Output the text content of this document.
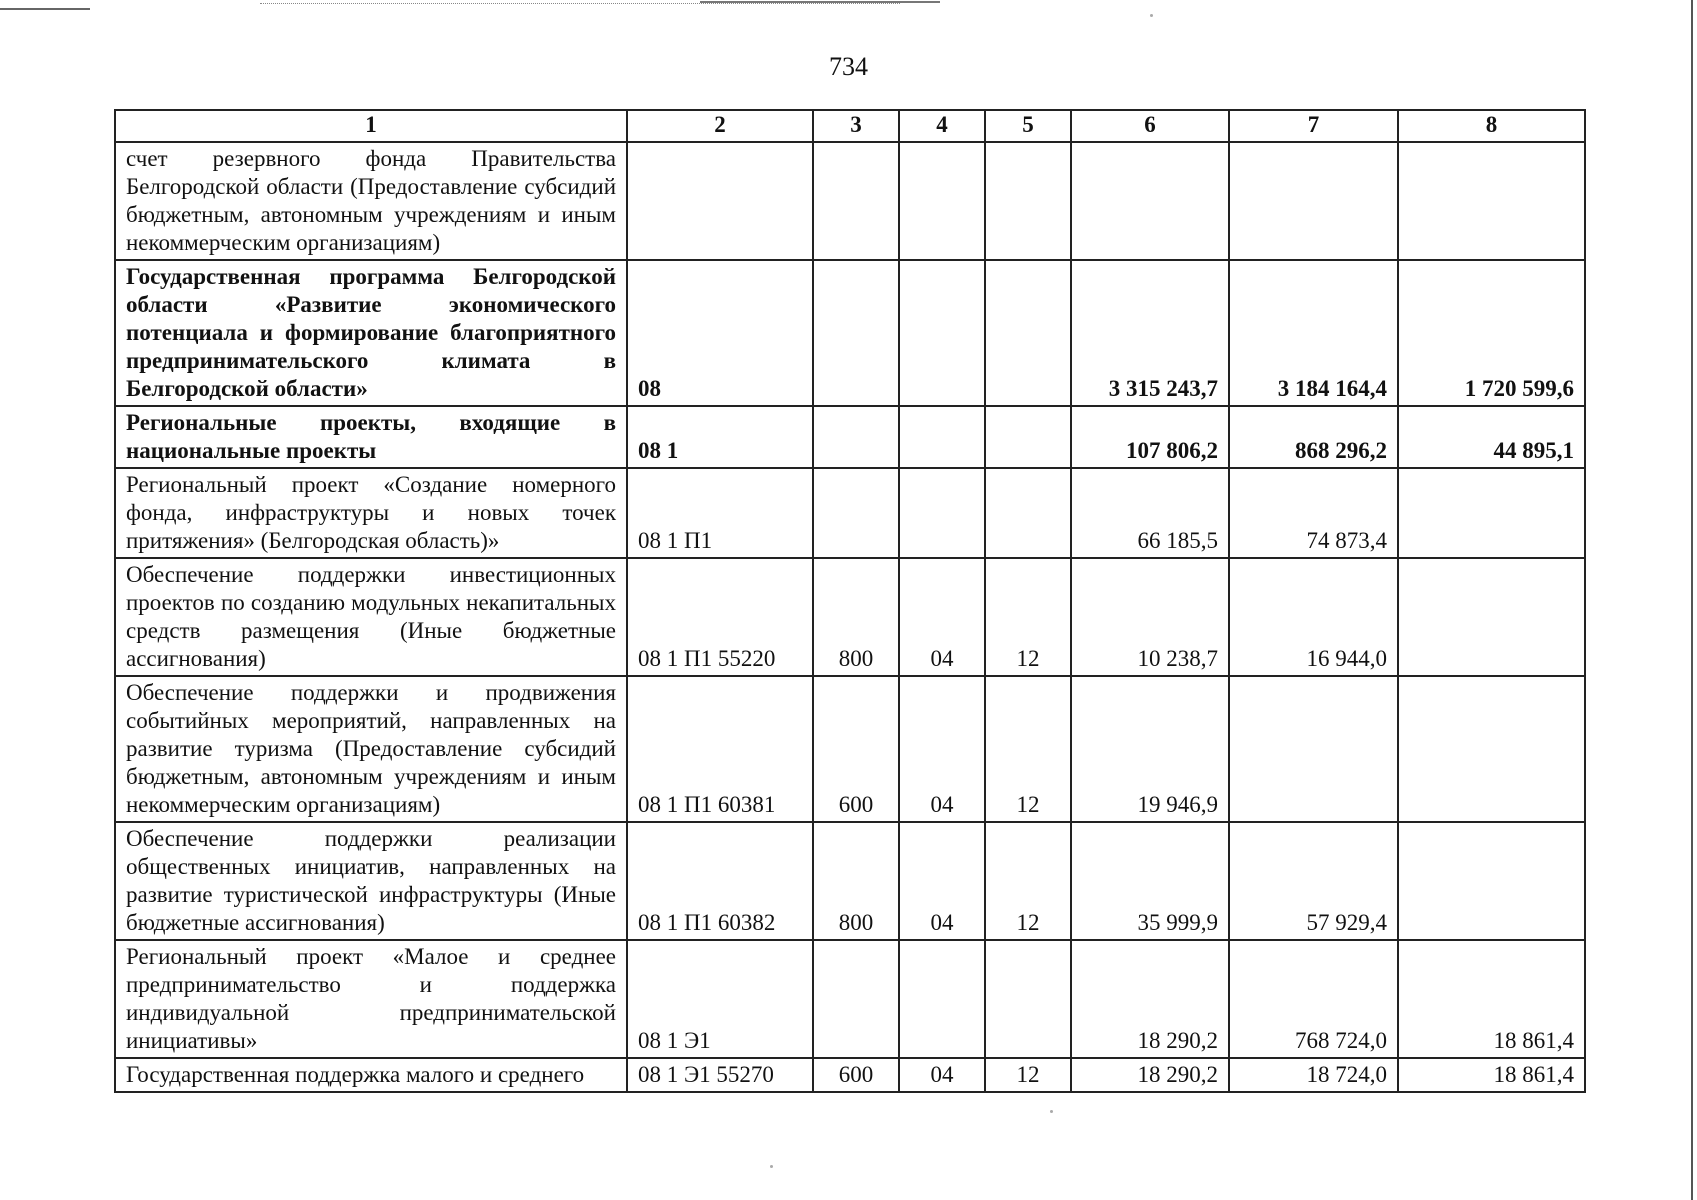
734
1	2	3	4	5	6	7	8
счет резервного фонда Правительства Белгородской области (Предоставление субсидий бюджетным, автономным учреждениям и иным некоммерческим организациям)							
Государственная программа Белгородской области «Развитие экономического потенциала и формирование благоприятного предпринимательского климата в Белгородской области»	08				3 315 243,7	3 184 164,4	1 720 599,6
Региональные проекты, входящие в национальные проекты	08 1				107 806,2	868 296,2	44 895,1
Региональный проект «Создание номерного фонда, инфраструктуры и новых точек притяжения» (Белгородская область)»	08 1 П1				66 185,5	74 873,4	
Обеспечение поддержки инвестиционных проектов по созданию модульных некапитальных средств размещения (Иные бюджетные ассигнования)	08 1 П1 55220	800	04	12	10 238,7	16 944,0	
Обеспечение поддержки и продвижения событийных мероприятий, направленных на развитие туризма (Предоставление субсидий бюджетным, автономным учреждениям и иным некоммерческим организациям)	08 1 П1 60381	600	04	12	19 946,9		
Обеспечение поддержки реализации общественных инициатив, направленных на развитие туристической инфраструктуры (Иные бюджетные ассигнования)	08 1 П1 60382	800	04	12	35 999,9	57 929,4	
Региональный проект «Малое и среднее предпринимательство и поддержка индивидуальной предпринимательской инициативы»	08 1 Э1				18 290,2	768 724,0	18 861,4
Государственная поддержка малого и среднего	08 1 Э1 55270	600	04	12	18 290,2	18 724,0	18 861,4
